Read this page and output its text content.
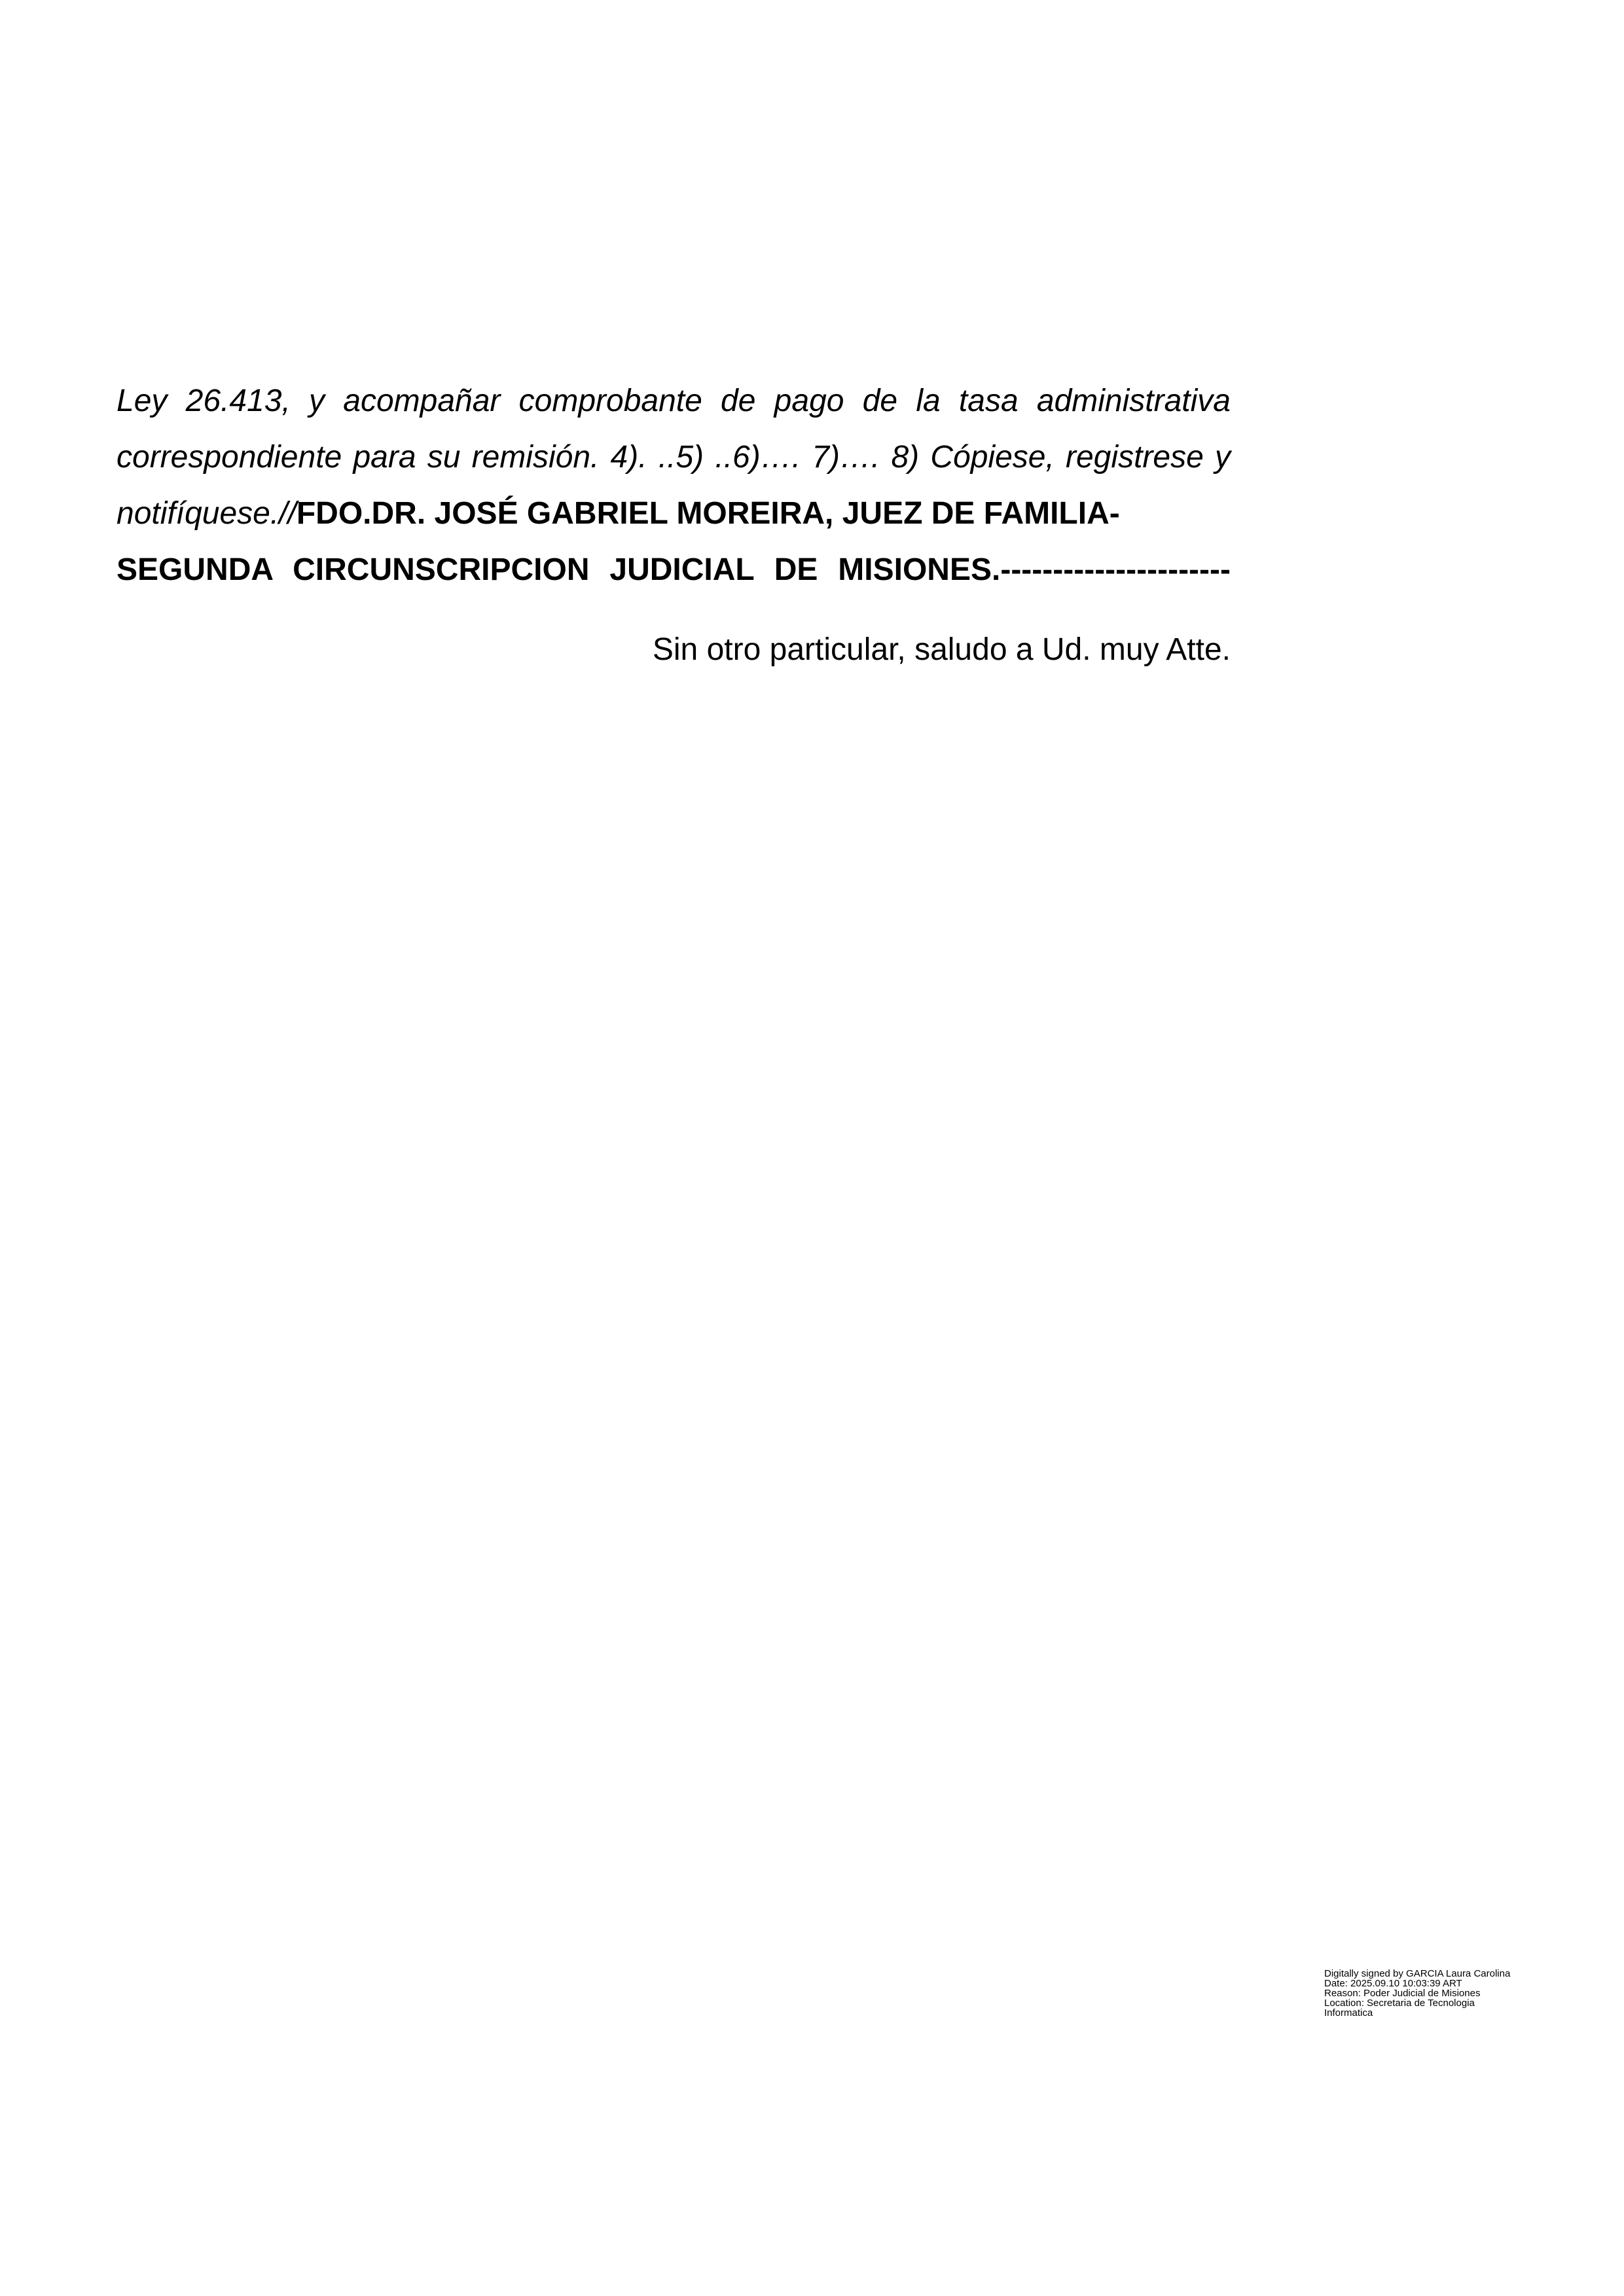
Ley 26.413, y acompañar comprobante de pago de la tasa administrativa correspondiente para su remisión. 4). ..5) ..6)…. 7)…. 8) Cópiese, registrese y notifíquese.//FDO.DR. JOSÉ GABRIEL MOREIRA, JUEZ DE FAMILIA-
SEGUNDA CIRCUNSCRIPCION JUDICIAL DE MISIONES.----------------------

Sin otro particular, saludo a Ud. muy Atte.

Digitally signed by GARCIA Laura Carolina
Date: 2025.09.10 10:03:39 ART
Reason: Poder Judicial de Misiones
Location: Secretaria de Tecnologia
Informatica
